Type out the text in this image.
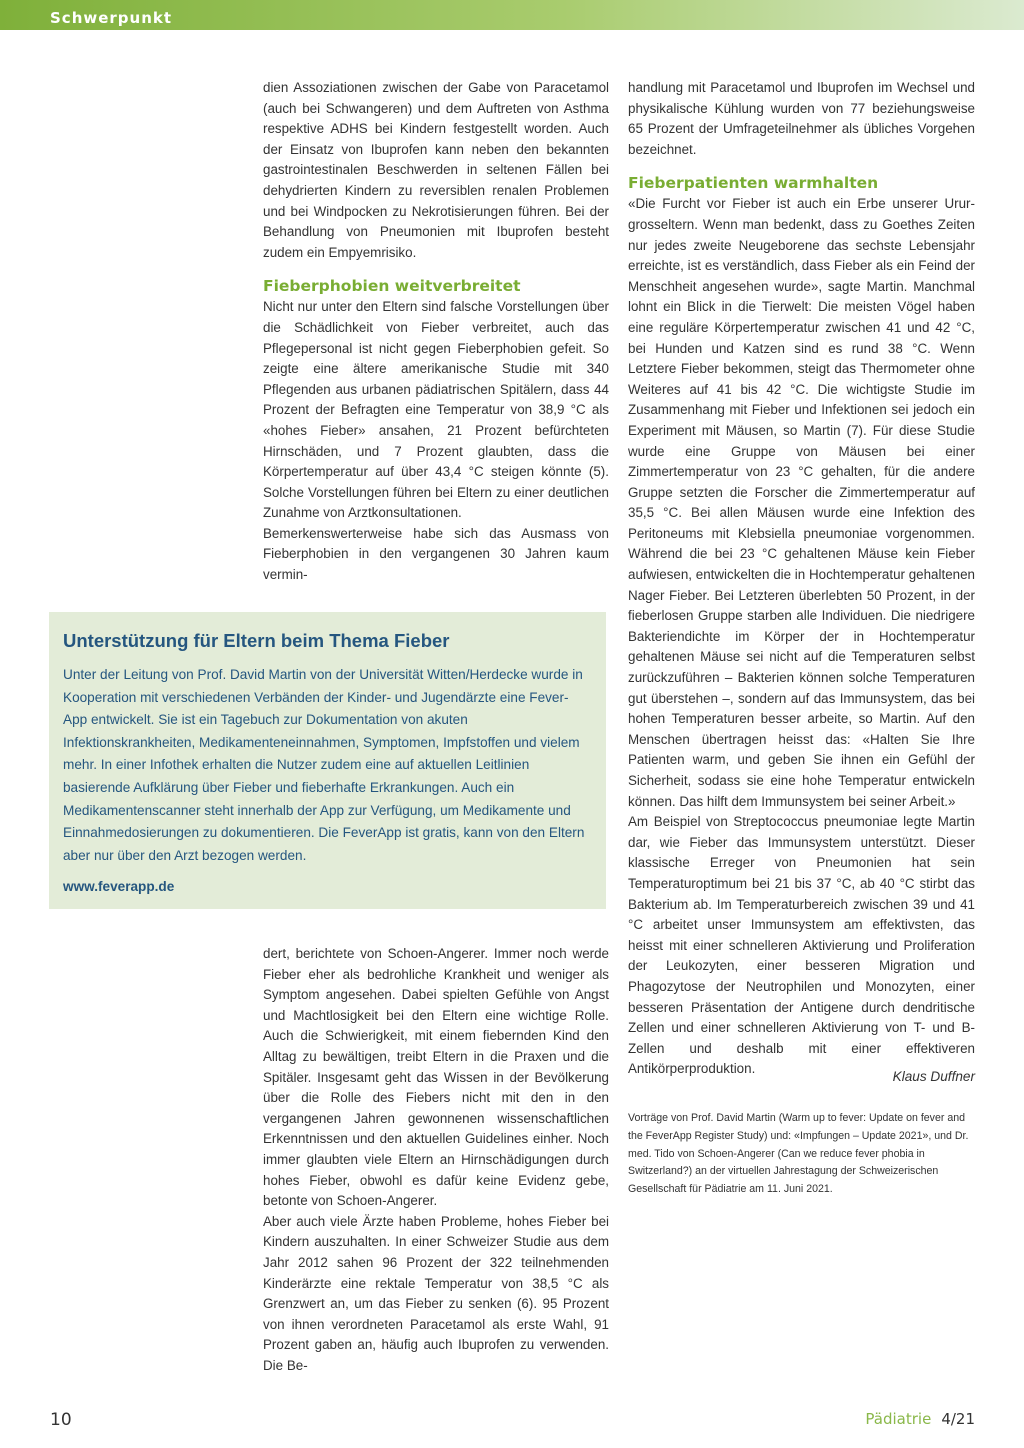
Schwerpunkt

dien Assoziationen zwischen der Gabe von Paracetamol (auch bei Schwangeren) und dem Auftreten von Asthma respektive ADHS bei Kindern festgestellt worden. Auch der Einsatz von Ibuprofen kann neben den bekannten gastrointestinalen Beschwerden in seltenen Fällen bei dehydrierten Kindern zu reversiblen renalen Problemen und bei Windpocken zu Nekrotisierungen führen. Bei der Behandlung von Pneumonien mit Ibuprofen besteht zudem ein Empyemrisiko.

Fieberphobien weitverbreitet

Nicht nur unter den Eltern sind falsche Vorstellungen über die Schädlichkeit von Fieber verbreitet, auch das Pflegepersonal ist nicht gegen Fieberphobien gefeit. So zeigte eine ältere amerikanische Studie mit 340 Pflegenden aus urbanen pädiatrischen Spitälern, dass 44 Prozent der Befragten eine Temperatur von 38,9 °C als «hohes Fieber» ansahen, 21 Prozent befürchteten Hirnschäden, und 7 Prozent glaubten, dass die Körpertemperatur auf über 43,4 °C steigen könnte (5). Solche Vorstellungen führen bei Eltern zu einer deutlichen Zunahme von Arztkonsultationen.

Bemerkenswerterweise habe sich das Ausmass von Fieberphobien in den vergangenen 30 Jahren kaum vermin-

Unterstützung für Eltern beim Thema Fieber

Unter der Leitung von Prof. David Martin von der Universität Witten/Herdecke wurde in Kooperation mit verschiedenen Verbänden der Kinder- und Jugendärzte eine Fever-App entwickelt. Sie ist ein Tagebuch zur Dokumentation von akuten Infektionskrankheiten, Medikamenteneinnahmen, Symptomen, Impfstoffen und vielem mehr. In einer Infothek erhalten die Nutzer zudem eine auf aktuellen Leitlinien basierende Aufklärung über Fieber und fieberhafte Erkrankungen. Auch ein Medikamentenscanner steht innerhalb der App zur Verfügung, um Medikamente und Einnahmedosierungen zu dokumentieren. Die FeverApp ist gratis, kann von den Eltern aber nur über den Arzt bezogen werden.

www.feverapp.de

dert, berichtete von Schoen-Angerer. Immer noch werde Fieber eher als bedrohliche Krankheit und weniger als Symptom angesehen. Dabei spielten Gefühle von Angst und Machtlosigkeit bei den Eltern eine wichtige Rolle. Auch die Schwierigkeit, mit einem fiebernden Kind den Alltag zu bewältigen, treibt Eltern in die Praxen und die Spitäler. Insgesamt geht das Wissen in der Bevölkerung über die Rolle des Fiebers nicht mit den in den vergangenen Jahren gewonnenen wissenschaftlichen Erkenntnissen und den aktuellen Guidelines einher. Noch immer glaubten viele Eltern an Hirnschädigungen durch hohes Fieber, obwohl es dafür keine Evidenz gebe, betonte von Schoen-Angerer.

Aber auch viele Ärzte haben Probleme, hohes Fieber bei Kindern auszuhalten. In einer Schweizer Studie aus dem Jahr 2012 sahen 96 Prozent der 322 teilnehmenden Kinderärzte eine rektale Temperatur von 38,5 °C als Grenzwert an, um das Fieber zu senken (6). 95 Prozent von ihnen verordneten Paracetamol als erste Wahl, 91 Prozent gaben an, häufig auch Ibuprofen zu verwenden. Die Be-

handlung mit Paracetamol und Ibuprofen im Wechsel und physikalische Kühlung wurden von 77 beziehungsweise 65 Prozent der Umfrageteilnehmer als übliches Vorgehen bezeichnet.

Fieberpatienten warmhalten

«Die Furcht vor Fieber ist auch ein Erbe unserer Ururgrosseltern. Wenn man bedenkt, dass zu Goethes Zeiten nur jedes zweite Neugeborene das sechste Lebensjahr erreichte, ist es verständlich, dass Fieber als ein Feind der Menschheit angesehen wurde», sagte Martin. Manchmal lohnt ein Blick in die Tierwelt: Die meisten Vögel haben eine reguläre Körpertemperatur zwischen 41 und 42 °C, bei Hunden und Katzen sind es rund 38 °C. Wenn Letztere Fieber bekommen, steigt das Thermometer ohne Weiteres auf 41 bis 42 °C. Die wichtigste Studie im Zusammenhang mit Fieber und Infektionen sei jedoch ein Experiment mit Mäusen, so Martin (7). Für diese Studie wurde eine Gruppe von Mäusen bei einer Zimmertemperatur von 23 °C gehalten, für die andere Gruppe setzten die Forscher die Zimmertemperatur auf 35,5 °C. Bei allen Mäusen wurde eine Infektion des Peritoneums mit Klebsiella pneumoniae vorgenommen. Während die bei 23 °C gehaltenen Mäuse kein Fieber aufwiesen, entwickelten die in Hochtemperatur gehaltenen Nager Fieber. Bei Letzteren überlebten 50 Prozent, in der fieberlosen Gruppe starben alle Individuen. Die niedrigere Bakteriendichte im Körper der in Hochtemperatur gehaltenen Mäuse sei nicht auf die Temperaturen selbst zurückzuführen – Bakterien können solche Temperaturen gut überstehen –, sondern auf das Immunsystem, das bei hohen Temperaturen besser arbeite, so Martin. Auf den Menschen übertragen heisst das: «Halten Sie Ihre Patienten warm, und geben Sie ihnen ein Gefühl der Sicherheit, sodass sie eine hohe Temperatur entwickeln können. Das hilft dem Immunsystem bei seiner Arbeit.»

Am Beispiel von Streptococcus pneumoniae legte Martin dar, wie Fieber das Immunsystem unterstützt. Dieser klassische Erreger von Pneumonien hat sein Temperaturoptimum bei 21 bis 37 °C, ab 40 °C stirbt das Bakterium ab. Im Temperaturbereich zwischen 39 und 41 °C arbeitet unser Immunsystem am effektivsten, das heisst mit einer schnelleren Aktivierung und Proliferation der Leukozyten, einer besseren Migration und Phagozytose der Neutrophilen und Monozyten, einer besseren Präsentation der Antigene durch dendritische Zellen und einer schnelleren Aktivierung von T- und B-Zellen und deshalb mit einer effektiveren Antikörperproduktion.

Klaus Duffner
Vorträge von Prof. David Martin (Warm up to fever: Update on fever and the FeverApp Register Study) und: «Impfungen – Update 2021», und Dr. med. Tido von Schoen-Angerer (Can we reduce fever phobia in Switzerland?) an der virtuellen Jahrestagung der Schweizerischen Gesellschaft für Pädiatrie am 11. Juni 2021.
10	Pädiatrie 4/21
